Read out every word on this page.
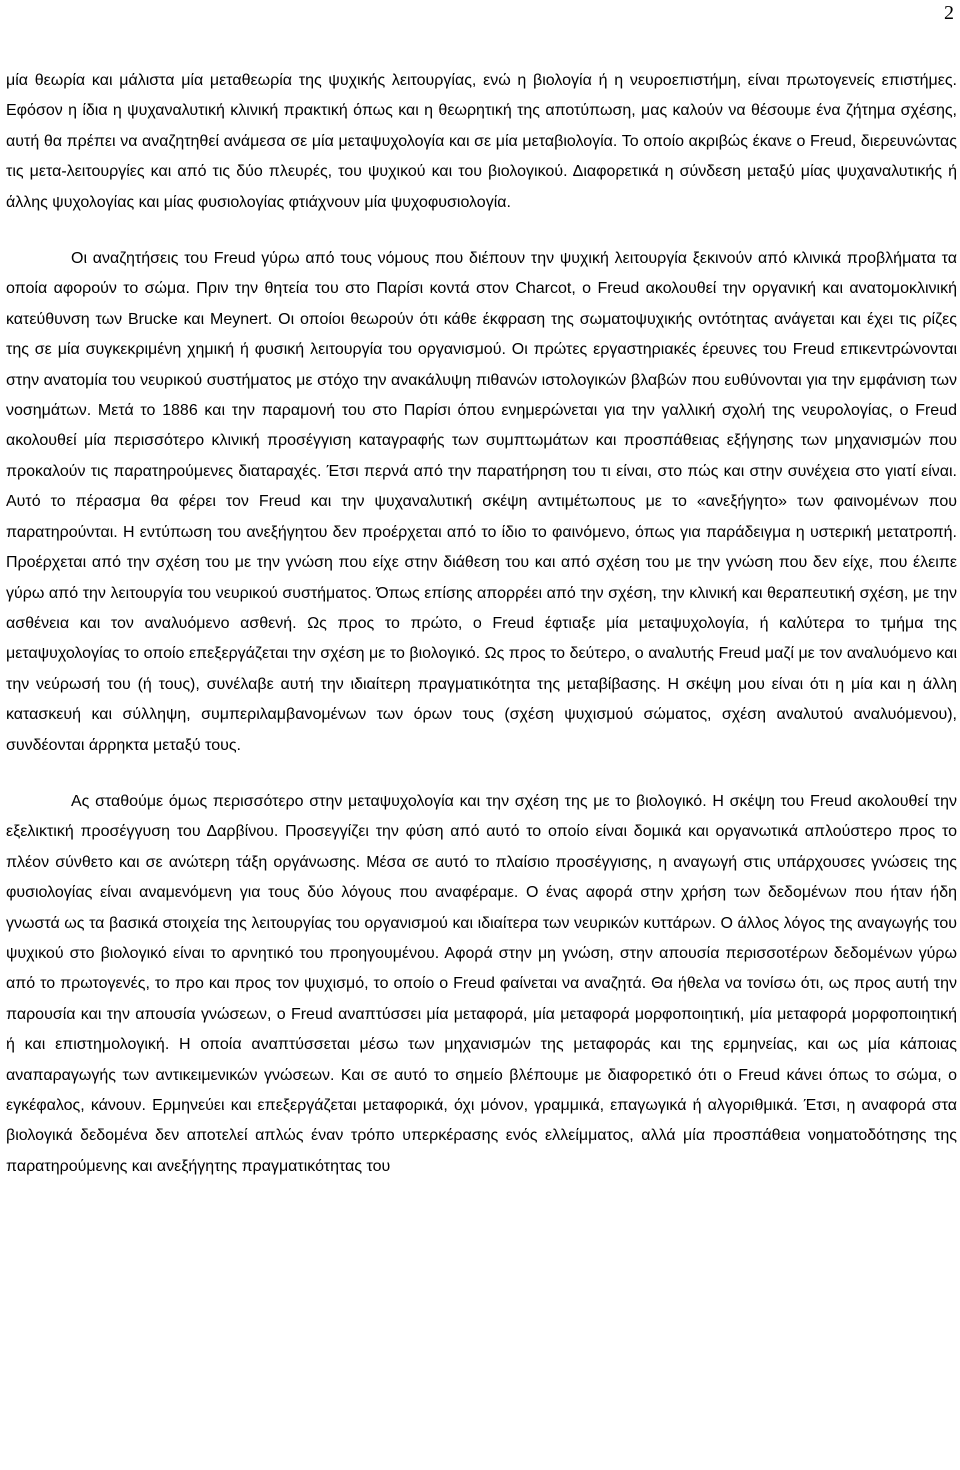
2

μία θεωρία και μάλιστα μία μεταθεωρία της ψυχικής λειτουργίας, ενώ η βιολογία ή η νευροεπιστήμη, είναι πρωτογενείς επιστήμες. Εφόσον η ίδια η ψυχαναλυτική κλινική πρακτική όπως και η θεωρητική της αποτύπωση, μας καλούν να θέσουμε ένα ζήτημα σχέσης, αυτή θα πρέπει να αναζητηθεί ανάμεσα σε μία μεταψυχολογία και σε μία μεταβιολογία. Το οποίο ακριβώς έκανε ο Freud, διερευνώντας τις μετα-λειτουργίες και από τις δύο πλευρές, του ψυχικού και του βιολογικού. Διαφορετικά η σύνδεση μεταξύ μίας ψυχαναλυτικής ή άλλης ψυχολογίας και μίας φυσιολογίας φτιάχνουν μία ψυχοφυσιολογία.

Οι αναζητήσεις του Freud γύρω από τους νόμους που διέπουν την ψυχική λειτουργία ξεκινούν από κλινικά προβλήματα τα οποία αφορούν το σώμα. Πριν την θητεία του στο Παρίσι κοντά στον Charcot, ο Freud ακολουθεί την οργανική και ανατομοκλινική κατεύθυνση των Brucke και Meynert. Οι οποίοι θεωρούν ότι κάθε έκφραση της σωματοψυχικής οντότητας ανάγεται και έχει τις ρίζες της σε μία συγκεκριμένη χημική ή φυσική λειτουργία του οργανισμού. Οι πρώτες εργαστηριακές έρευνες του Freud επικεντρώνονται στην ανατομία του νευρικού συστήματος με στόχο την ανακάλυψη πιθανών ιστολογικών βλαβών που ευθύνονται για την εμφάνιση των νοσημάτων. Μετά το 1886 και την παραμονή του στο Παρίσι όπου ενημερώνεται για την γαλλική σχολή της νευρολογίας, ο Freud ακολουθεί μία περισσότερο κλινική προσέγγιση καταγραφής των συμπτωμάτων και προσπάθειας εξήγησης των μηχανισμών που προκαλούν τις παρατηρούμενες διαταραχές. Έτσι περνά από την παρατήρηση του τι είναι, στο πώς και στην συνέχεια στο γιατί είναι. Αυτό το πέρασμα θα φέρει τον Freud και την ψυχαναλυτική σκέψη αντιμέτωπους με το «ανεξήγητο» των φαινομένων που παρατηρούνται. Η εντύπωση του ανεξήγητου δεν προέρχεται από το ίδιο το φαινόμενο, όπως για παράδειγμα η υστερική μετατροπή. Προέρχεται από την σχέση του με την γνώση που είχε στην διάθεση του και από σχέση του με την γνώση που δεν είχε, που έλειπε γύρω από την λειτουργία του νευρικού συστήματος. Όπως επίσης απορρέει από την σχέση, την κλινική και θεραπευτική σχέση, με την ασθένεια και τον αναλυόμενο ασθενή. Ως προς το πρώτο, ο Freud έφτιαξε μία μεταψυχολογία, ή καλύτερα το τμήμα της μεταψυχολογίας το οποίο επεξεργάζεται την σχέση με το βιολογικό. Ως προς το δεύτερο, ο αναλυτής Freud μαζί με τον αναλυόμενο και την νεύρωσή του (ή τους), συνέλαβε αυτή την ιδιαίτερη πραγματικότητα της μεταβίβασης. Η σκέψη μου είναι ότι η μία και η άλλη κατασκευή και σύλληψη, συμπεριλαμβανομένων των όρων τους (σχέση ψυχισμού σώματος, σχέση αναλυτού αναλυόμενου), συνδέονται άρρηκτα μεταξύ τους.

Ας σταθούμε όμως περισσότερο στην μεταψυχολογία και την σχέση της με το βιολογικό. Η σκέψη του Freud ακολουθεί την εξελικτική προσέγγυση του Δαρβίνου. Προσεγγίζει την φύση από αυτό το οποίο είναι δομικά και οργανωτικά απλούστερο προς το πλέον σύνθετο και σε ανώτερη τάξη οργάνωσης. Μέσα σε αυτό το πλαίσιο προσέγγισης, η αναγωγή στις υπάρχουσες γνώσεις της φυσιολογίας είναι αναμενόμενη για τους δύο λόγους που αναφέραμε. Ο ένας αφορά στην χρήση των δεδομένων που ήταν ήδη γνωστά ως τα βασικά στοιχεία της λειτουργίας του οργανισμού και ιδιαίτερα των νευρικών κυττάρων. Ο άλλος λόγος της αναγωγής του ψυχικού στο βιολογικό είναι το αρνητικό του προηγουμένου. Αφορά στην μη γνώση, στην απουσία περισσοτέρων δεδομένων γύρω από το πρωτογενές, το προ και προς τον ψυχισμό, το οποίο ο Freud φαίνεται να αναζητά. Θα ήθελα να τονίσω ότι, ως προς αυτή την παρουσία και την απουσία γνώσεων, ο Freud αναπτύσσει μία μεταφορά, μία μεταφορά μορφοποιητική, μία μεταφορά μορφοποιητική ή και επιστημολογική. Η οποία αναπτύσσεται μέσω των μηχανισμών της μεταφοράς και της ερμηνείας, και ως μία κάποιας αναπαραγωγής των αντικειμενικών γνώσεων. Και σε αυτό το σημείο βλέπουμε με διαφορετικό ότι ο Freud κάνει όπως το σώμα, ο εγκέφαλος, κάνουν. Ερμηνεύει και επεξεργάζεται μεταφορικά, όχι μόνον, γραμμικά, επαγωγικά ή αλγοριθμικά. Έτσι, η αναφορά στα βιολογικά δεδομένα δεν αποτελεί απλώς έναν τρόπο υπερκέρασης ενός ελλείμματος, αλλά μία προσπάθεια νοηματοδότησης της παρατηρούμενης και ανεξήγητης πραγματικότητας του
